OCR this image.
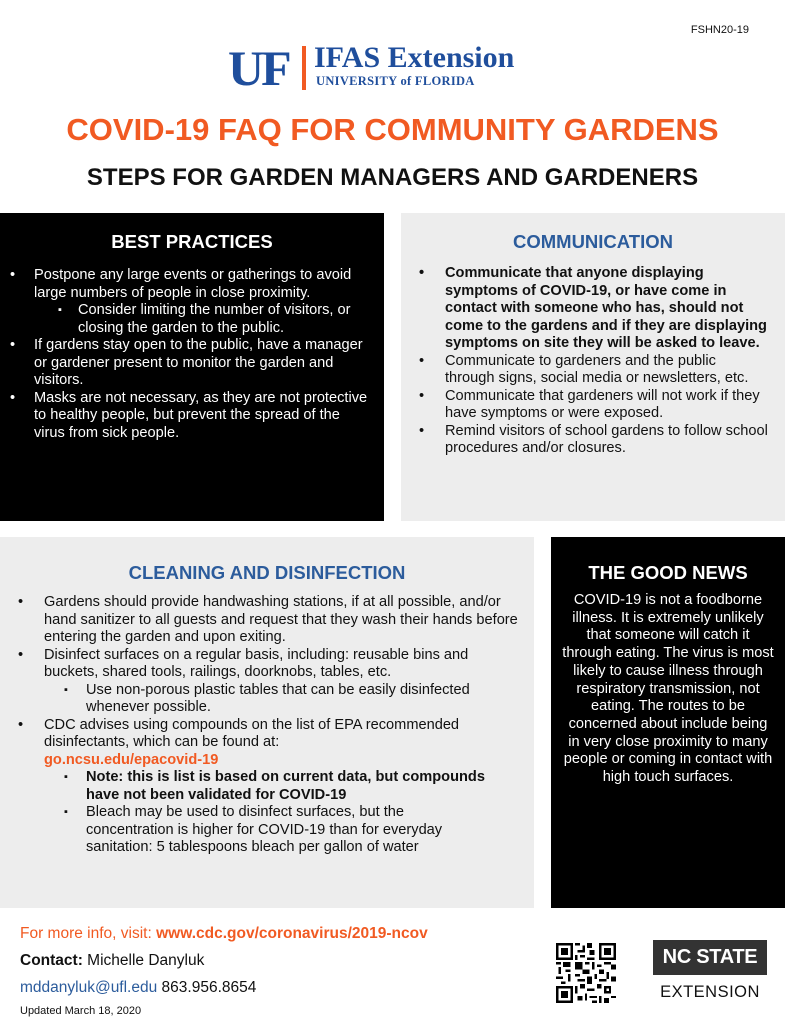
FSHN20-19
UF IFAS Extension
UNIVERSITY of FLORIDA
COVID-19 FAQ FOR COMMUNITY GARDENS
STEPS FOR GARDEN MANAGERS AND GARDENERS
BEST PRACTICES
• Postpone any large events or gatherings to avoid large numbers of people in close proximity.
▪ Consider limiting the number of visitors, or closing the garden to the public.
• If gardens stay open to the public, have a manager or gardener present to monitor the garden and visitors.
• Masks are not necessary, as they are not protective to healthy people, but prevent the spread of the virus from sick people.
COMMUNICATION
• Communicate that anyone displaying symptoms of COVID-19, or have come in contact with someone who has, should not come to the gardens and if they are displaying symptoms on site they will be asked to leave.
• Communicate to gardeners and the public through signs, social media or newsletters, etc.
• Communicate that gardeners will not work if they have symptoms or were exposed.
• Remind visitors of school gardens to follow school procedures and/or closures.
CLEANING AND DISINFECTION
• Gardens should provide handwashing stations, if at all possible, and/or hand sanitizer to all guests and request that they wash their hands before entering the garden and upon exiting.
• Disinfect surfaces on a regular basis, including: reusable bins and buckets, shared tools, railings, doorknobs, tables, etc.
▪ Use non-porous plastic tables that can be easily disinfected whenever possible.
• CDC advises using compounds on the list of EPA recommended disinfectants, which can be found at:
go.ncsu.edu/epacovid-19
▪ Note: this is list is based on current data, but compounds have not been validated for COVID-19
▪ Bleach may be used to disinfect surfaces, but the concentration is higher for COVID-19 than for everyday sanitation: 5 tablespoons bleach per gallon of water
THE GOOD NEWS

COVID-19 is not a foodborne illness. It is extremely unlikely that someone will catch it through eating. The virus is most likely to cause illness through respiratory transmission, not eating. The routes to be concerned about include being in very close proximity to many people or coming in contact with high touch surfaces.

For more info, visit: www.cdc.gov/coronavirus/2019-ncov
Contact: Michelle Danyluk
mddanyluk@ufl.edu 863.956.8654
Updated March 18, 2020
NC STATE
EXTENSION
